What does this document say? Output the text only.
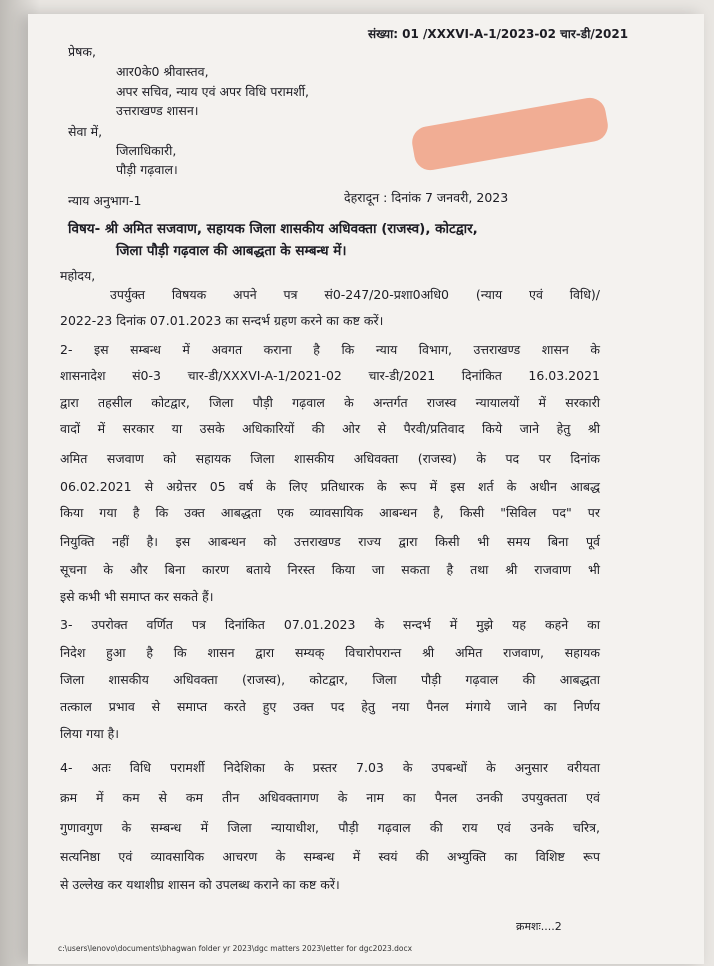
संख्या: 01 /XXXVI-A-1/2023-02 चार-डी/2021
प्रेषक,
आर0के0 श्रीवास्तव,
अपर सचिव, न्याय एवं अपर विधि परामर्शी,
उत्तराखण्ड शासन।
सेवा में,
जिलाधिकारी,
पौड़ी गढ़वाल।
न्याय अनुभाग-1	देहरादून : दिनांक 7 जनवरी, 2023
विषय- श्री अमित सजवाण, सहायक जिला शासकीय अधिवक्ता (राजस्व), कोटद्वार,
जिला पौड़ी गढ़वाल की आबद्धता के सम्बन्ध में।
महोदय,
उपर्युक्त विषयक अपने पत्र सं0-247/20-प्रशा0अधि0 (न्याय एवं विधि)/
2022-23 दिनांक 07.01.2023 का सन्दर्भ ग्रहण करने का कष्ट करें।
2- इस सम्बन्ध में अवगत कराना है कि न्याय विभाग, उत्तराखण्ड शासन के
शासनादेश सं0-3 चार-डी/XXXVI-A-1/2021-02 चार-डी/2021 दिनांकित 16.03.2021
द्वारा तहसील कोटद्वार, जिला पौड़ी गढ़वाल के अन्तर्गत राजस्व न्यायालयों में सरकारी
वादों में सरकार या उसके अधिकारियों की ओर से पैरवी/प्रतिवाद किये जाने हेतु श्री
अमित सजवाण को सहायक जिला शासकीय अधिवक्ता (राजस्व) के पद पर दिनांक
06.02.2021 से अग्रेत्तर 05 वर्ष के लिए प्रतिधारक के रूप में इस शर्त के अधीन आबद्ध
किया गया है कि उक्त आबद्धता एक व्यावसायिक आबन्धन है, किसी "सिविल पद" पर
नियुक्ति नहीं है। इस आबन्धन को उत्तराखण्ड राज्य द्वारा किसी भी समय बिना पूर्व
सूचना के और बिना कारण बताये निरस्त किया जा सकता है तथा श्री राजवाण भी
इसे कभी भी समाप्त कर सकते हैं।
3- उपरोक्त वर्णित पत्र दिनांकित 07.01.2023 के सन्दर्भ में मुझे यह कहने का
निदेश हुआ है कि शासन द्वारा सम्यक् विचारोपरान्त श्री अमित राजवाण, सहायक
जिला शासकीय अधिवक्ता (राजस्व), कोटद्वार, जिला पौड़ी गढ़वाल की आबद्धता
तत्काल प्रभाव से समाप्त करते हुए उक्त पद हेतु नया पैनल मंगाये जाने का निर्णय
लिया गया है।
4- अतः विधि परामर्शी निदेशिका के प्रस्तर 7.03 के उपबन्धों के अनुसार वरीयता
क्रम में कम से कम तीन अधिवक्तागण के नाम का पैनल उनकी उपयुक्तता एवं
गुणावगुण के सम्बन्ध में जिला न्यायाधीश, पौड़ी गढ़वाल की राय एवं उनके चरित्र,
सत्यनिष्ठा एवं व्यावसायिक आचरण के सम्बन्ध में स्वयं की अभ्युक्ति का विशिष्ट रूप
से उल्लेख कर यथाशीघ्र शासन को उपलब्ध कराने का कष्ट करें।
क्रमशः....2
c:\users\lenovo\documents\bhagwan folder yr 2023\dgc matters 2023\letter for dgc2023.docx
